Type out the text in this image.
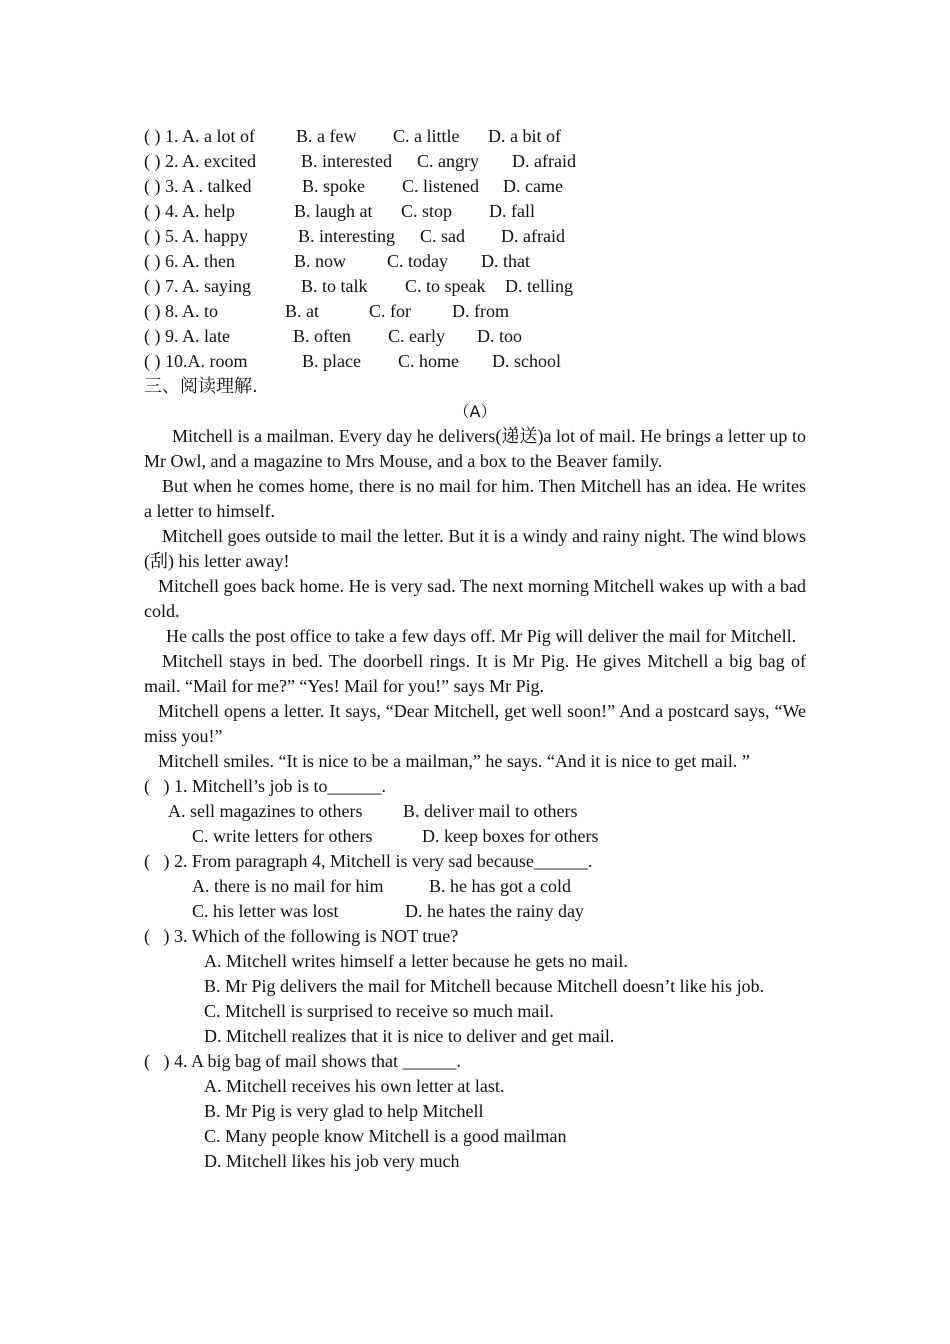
( ) 1. A. a lot of B. a few C. a little D. a bit of
( ) 2. A. excited	B. interested C. angry D. afraid
( ) 3. A . talked	B. spoke C. listened D. came
( ) 4. A. help	B. laugh at C. stop D. fall
( ) 5. A. happy	B. interesting C. sad D. afraid
( ) 6. A. then	B. now C. today D. that
( ) 7. A. saying	B. to talk C. to speak D. telling
( ) 8. A. to	B. at	C. for D. from
( ) 9. A. late	B. often C. early D. too
( ) 10.A. room	B. place C. home D. school
三、阅读理解.
（A）
Mitchell is a mailman. Every day he delivers(递送)a lot of mail. He brings a letter up to Mr Owl, and a magazine to Mrs Mouse, and a box to the Beaver family.
But when he comes home, there is no mail for him. Then Mitchell has an idea. He writes a letter to himself.
Mitchell goes outside to mail the letter. But it is a windy and rainy night. The wind blows (刮) his letter away!
Mitchell goes back home. He is very sad. The next morning Mitchell wakes up with a bad cold.
He calls the post office to take a few days off. Mr Pig will deliver the mail for Mitchell.
Mitchell stays in bed. The doorbell rings. It is Mr Pig. He gives Mitchell a big bag of mail. “Mail for me?” “Yes! Mail for you!” says Mr Pig.
Mitchell opens a letter. It says, “Dear Mitchell, get well soon!” And a postcard says, “We miss you!”
Mitchell smiles. “It is nice to be a mailman,” he says. “And it is nice to get mail. ”
(   ) 1. Mitchell’s job is to______.
A. sell magazines to others B. deliver mail to others
C. write letters for others	D. keep boxes for others
(   ) 2. From paragraph 4, Mitchell is very sad because______.
A. there is no mail for him	B. he has got a cold
C. his letter was lost	D. he hates the rainy day
(   ) 3. Which of the following is NOT true?
A. Mitchell writes himself a letter because he gets no mail.
B. Mr Pig delivers the mail for Mitchell because Mitchell doesn’t like his job.
C. Mitchell is surprised to receive so much mail.
D. Mitchell realizes that it is nice to deliver and get mail.
(   ) 4. A big bag of mail shows that ______.
A. Mitchell receives his own letter at last.
B. Mr Pig is very glad to help Mitchell
C. Many people know Mitchell is a good mailman
D. Mitchell likes his job very much
